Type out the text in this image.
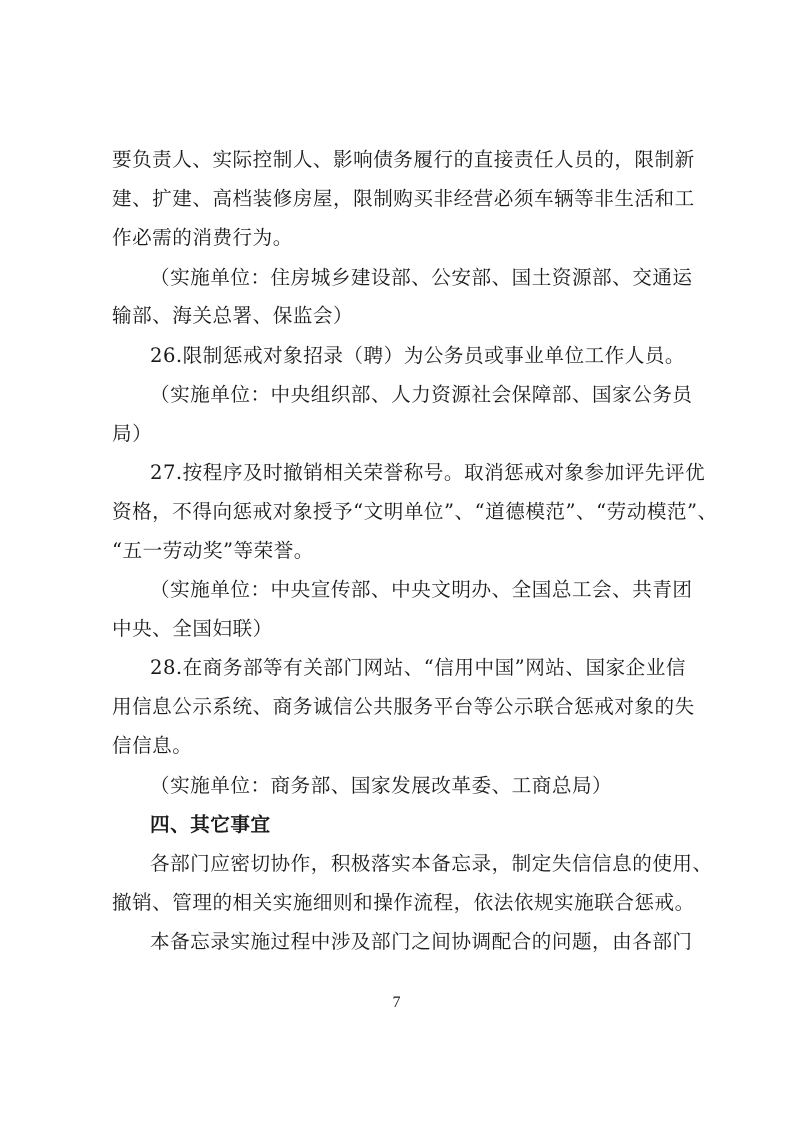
要负责人、实际控制人、影响债务履行的直接责任人员的，限制新
建、扩建、高档装修房屋，限制购买非经营必须车辆等非生活和工
作必需的消费行为。
（实施单位：住房城乡建设部、公安部、国土资源部、交通运
输部、海关总署、保监会）
26.限制惩戒对象招录（聘）为公务员或事业单位工作人员。
（实施单位：中央组织部、人力资源社会保障部、国家公务员
局）
27.按程序及时撤销相关荣誉称号。取消惩戒对象参加评先评优
资格，不得向惩戒对象授予“文明单位”、“道德模范”、“劳动模范”、
“五一劳动奖”等荣誉。
（实施单位：中央宣传部、中央文明办、全国总工会、共青团
中央、全国妇联）
28.在商务部等有关部门网站、“信用中国”网站、国家企业信
用信息公示系统、商务诚信公共服务平台等公示联合惩戒对象的失
信信息。
（实施单位：商务部、国家发展改革委、工商总局）
四、其它事宜
各部门应密切协作，积极落实本备忘录，制定失信信息的使用、
撤销、管理的相关实施细则和操作流程，依法依规实施联合惩戒。
本备忘录实施过程中涉及部门之间协调配合的问题，由各部门
7
